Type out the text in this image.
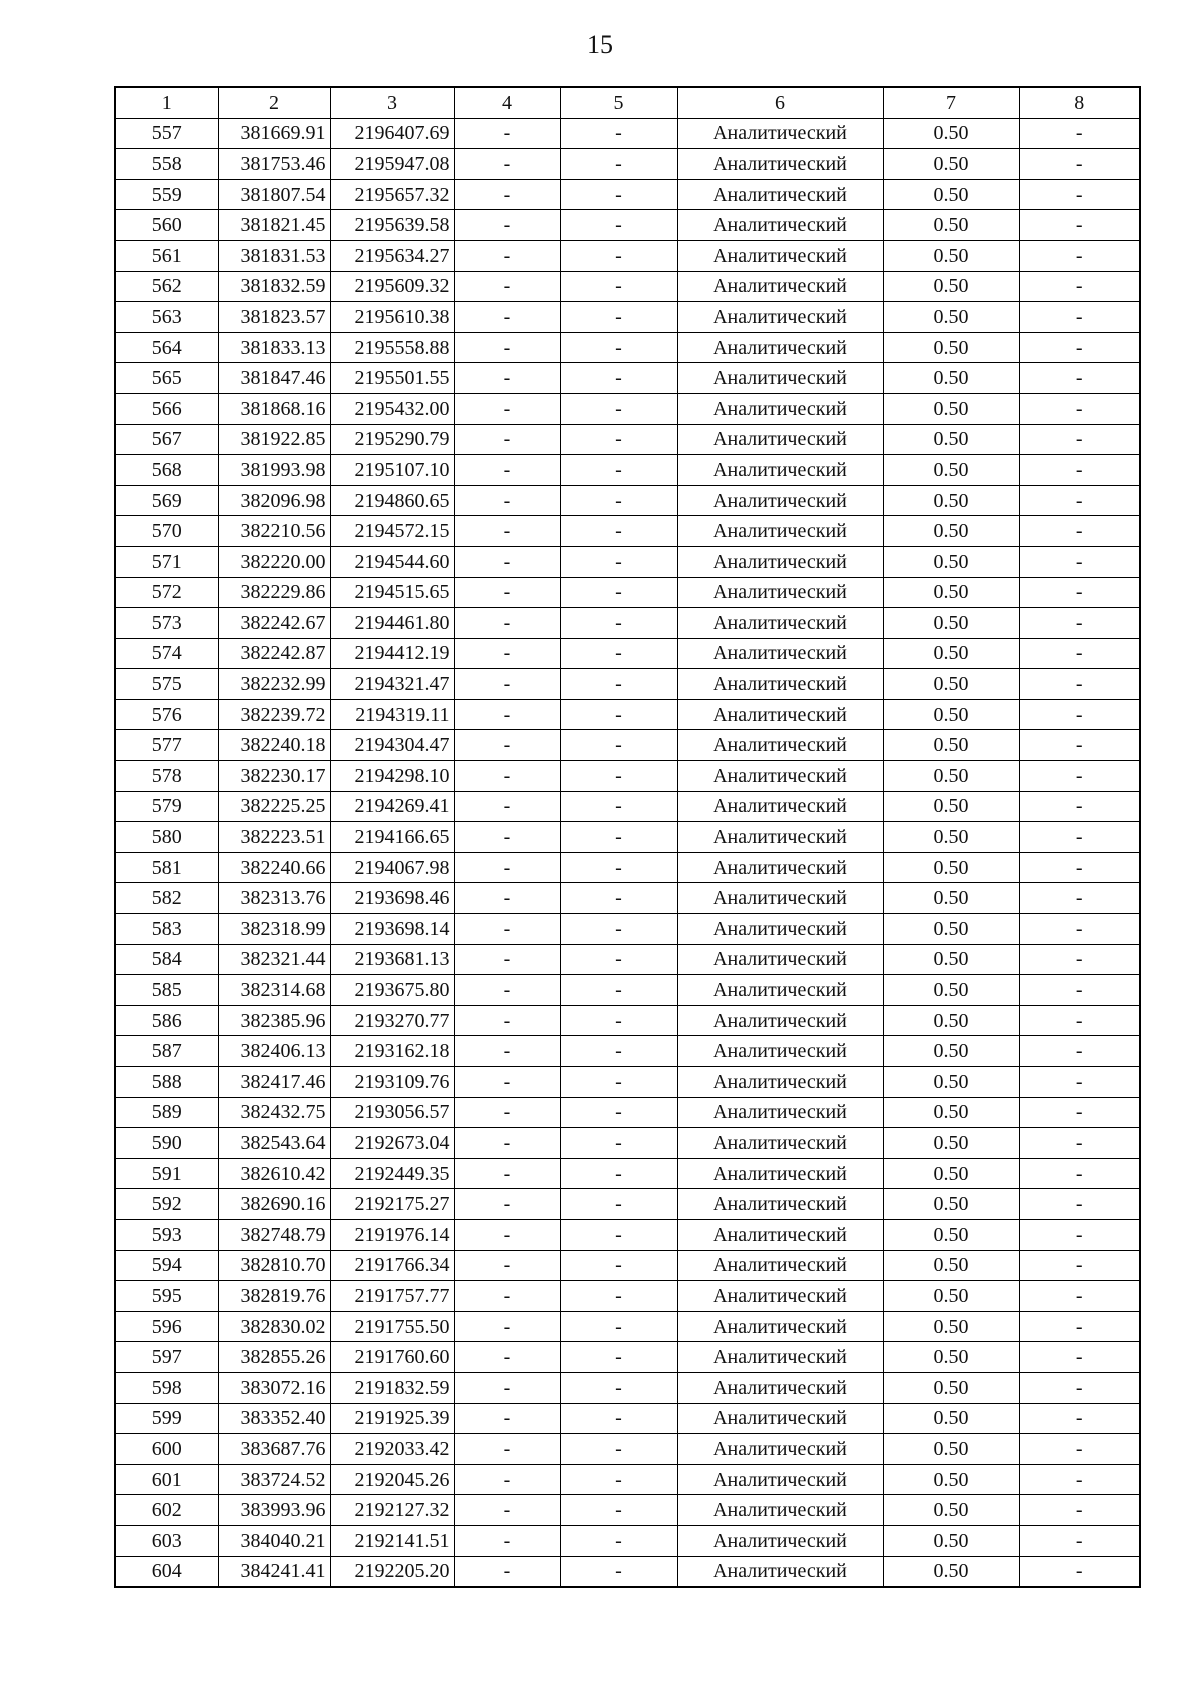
15
1	2	3	4	5	6	7	8
557	381669.91	2196407.69	-	-	Аналитический	0.50	-
558	381753.46	2195947.08	-	-	Аналитический	0.50	-
559	381807.54	2195657.32	-	-	Аналитический	0.50	-
560	381821.45	2195639.58	-	-	Аналитический	0.50	-
561	381831.53	2195634.27	-	-	Аналитический	0.50	-
562	381832.59	2195609.32	-	-	Аналитический	0.50	-
563	381823.57	2195610.38	-	-	Аналитический	0.50	-
564	381833.13	2195558.88	-	-	Аналитический	0.50	-
565	381847.46	2195501.55	-	-	Аналитический	0.50	-
566	381868.16	2195432.00	-	-	Аналитический	0.50	-
567	381922.85	2195290.79	-	-	Аналитический	0.50	-
568	381993.98	2195107.10	-	-	Аналитический	0.50	-
569	382096.98	2194860.65	-	-	Аналитический	0.50	-
570	382210.56	2194572.15	-	-	Аналитический	0.50	-
571	382220.00	2194544.60	-	-	Аналитический	0.50	-
572	382229.86	2194515.65	-	-	Аналитический	0.50	-
573	382242.67	2194461.80	-	-	Аналитический	0.50	-
574	382242.87	2194412.19	-	-	Аналитический	0.50	-
575	382232.99	2194321.47	-	-	Аналитический	0.50	-
576	382239.72	2194319.11	-	-	Аналитический	0.50	-
577	382240.18	2194304.47	-	-	Аналитический	0.50	-
578	382230.17	2194298.10	-	-	Аналитический	0.50	-
579	382225.25	2194269.41	-	-	Аналитический	0.50	-
580	382223.51	2194166.65	-	-	Аналитический	0.50	-
581	382240.66	2194067.98	-	-	Аналитический	0.50	-
582	382313.76	2193698.46	-	-	Аналитический	0.50	-
583	382318.99	2193698.14	-	-	Аналитический	0.50	-
584	382321.44	2193681.13	-	-	Аналитический	0.50	-
585	382314.68	2193675.80	-	-	Аналитический	0.50	-
586	382385.96	2193270.77	-	-	Аналитический	0.50	-
587	382406.13	2193162.18	-	-	Аналитический	0.50	-
588	382417.46	2193109.76	-	-	Аналитический	0.50	-
589	382432.75	2193056.57	-	-	Аналитический	0.50	-
590	382543.64	2192673.04	-	-	Аналитический	0.50	-
591	382610.42	2192449.35	-	-	Аналитический	0.50	-
592	382690.16	2192175.27	-	-	Аналитический	0.50	-
593	382748.79	2191976.14	-	-	Аналитический	0.50	-
594	382810.70	2191766.34	-	-	Аналитический	0.50	-
595	382819.76	2191757.77	-	-	Аналитический	0.50	-
596	382830.02	2191755.50	-	-	Аналитический	0.50	-
597	382855.26	2191760.60	-	-	Аналитический	0.50	-
598	383072.16	2191832.59	-	-	Аналитический	0.50	-
599	383352.40	2191925.39	-	-	Аналитический	0.50	-
600	383687.76	2192033.42	-	-	Аналитический	0.50	-
601	383724.52	2192045.26	-	-	Аналитический	0.50	-
602	383993.96	2192127.32	-	-	Аналитический	0.50	-
603	384040.21	2192141.51	-	-	Аналитический	0.50	-
604	384241.41	2192205.20	-	-	Аналитический	0.50	-
